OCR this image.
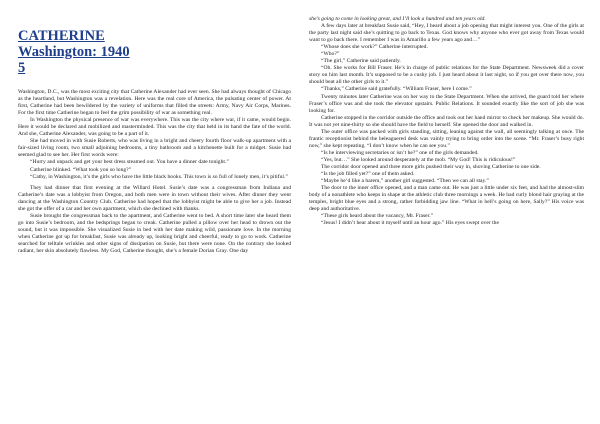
CATHERINE
Washington: 1940
5

Washington, D.C., was the most exciting city that Catherine Alexander had ever seen. She had always thought of Chicago as the heartland, but Washington was a revelation. Here was the real core of America, the pulsating center of power. At first, Catherine had been bewildered by the variety of uniforms that filled the streets: Army, Navy Air Corps, Marines. For the first time Catherine began to feel the grim possibility of war as something real.

In Washington the physical presence of war was everywhere. This was the city where war, if it came, would begin. Here it would be declared and mobilized and masterminded. This was the city that held in its hand the fate of the world. And she, Catherine Alexander, was going to be a part of it.

She had moved in with Susie Roberts, who was living in a bright and cheery fourth floor walk-up apartment with a fair-sized living room, two small adjoining bedrooms, a tiny bathroom and a kitchenette built for a midget. Susie had seemed glad to see her. Her first words were:

“Hurry and unpack and get your best dress steamed out. You have a dinner date tonight.”

Catherine blinked. “What took you so long?”

“Cathy, in Washington, it’s the girls who have the little black books. This town is so full of lonely men, it’s pitiful.”

They had dinner that first evening at the Willard Hotel. Susie’s date was a congressman from Indiana and Catherine’s date was a lobbyist from Oregon, and both men were in town without their wives. After dinner they went dancing at the Washington Country Club. Catherine had hoped that the lobbyist might be able to give her a job. Instead she got the offer of a car and her own apartment, which she declined with thanks.

Susie brought the congressman back to the apartment, and Catherine went to bed. A short time later she heard them go into Susie’s bedroom, and the bedsprings began to creak. Catherine pulled a pillow over her head to drown out the sound, but it was impossible. She visualized Susie in bed with her date making wild, passionate love. In the morning when Catherine got up for breakfast, Susie was already up, looking bright and cheerful, ready to go to work. Catherine searched for telltale wrinkles and other signs of dissipation on Susie, but there were none. On the contrary she looked radiant, her skin absolutely flawless. My God, Catherine thought, she’s a female Dorian Gray. One day

she’s going to come in looking great, and I’ll look a hundred and ten years old.

A few days later at breakfast Susie said, “Hey, I heard about a job opening that might interest you. One of the girls at the party last night said she’s quitting to go back to Texas. God knows why anyone who ever got away from Texas would want to go back there. I remember I was in Amarillo a few years ago and…”

“Whose does she work?” Catherine interrupted.

“Who?”

“The girl,” Catherine said patiently.

“Oh. She works for Bill Fraser. He’s in charge of public relations for the State Department. Newsweek did a cover story on him last month. It’s supposed to be a cushy job. I just heard about it last night, so if you get over there now, you should beat all the other girls to it.”

“Thanks,” Catherine said gratefully. “William Fraser, here I come.”

Twenty minutes later Catherine was on her way to the State Department. When she arrived, the guard told her where Fraser’s office was and she took the elevator upstairs. Public Relations. It sounded exactly like the sort of job she was looking for.

Catherine stopped in the corridor outside the office and took out her hand mirror to check her makeup. She would do. It was not yet nine-thirty so she should have the field to herself. She opened the door and walked in.

The outer office was packed with girls standing, sitting, leaning against the wall, all seemingly talking at once. The frantic receptionist behind the beleaguered desk was vainly trying to bring order into the scene. “Mr. Fraser’s busy right now,” she kept repeating. “I don’t know when he can see you.”

“Is he interviewing secretaries or isn’t he?” one of the girls demanded.

“Yes, but…” She looked around desperately at the mob. “My God! This is ridiculous!”

The corridor door opened and three more girls pushed their way in, shoving Catherine to one side.

“Is the job filled yet?” one of them asked.

“Maybe he’d like a harem,” another girl suggested. “Then we can all stay.”

The door to the inner office opened, and a man came out. He was just a little under six feet, and had the almost-slim body of a nonathlete who keeps in shape at the athletic club three mornings a week. He had curly blond hair graying at the temples, bright blue eyes and a strong, rather forbidding jaw line. “What in hell’s going on here, Sally?” His voice was deep and authoritative.

“These girls heard about the vacancy, Mr. Fraser.”

“Jesus! I didn’t hear about it myself until an hour ago.” His eyes swept over the
